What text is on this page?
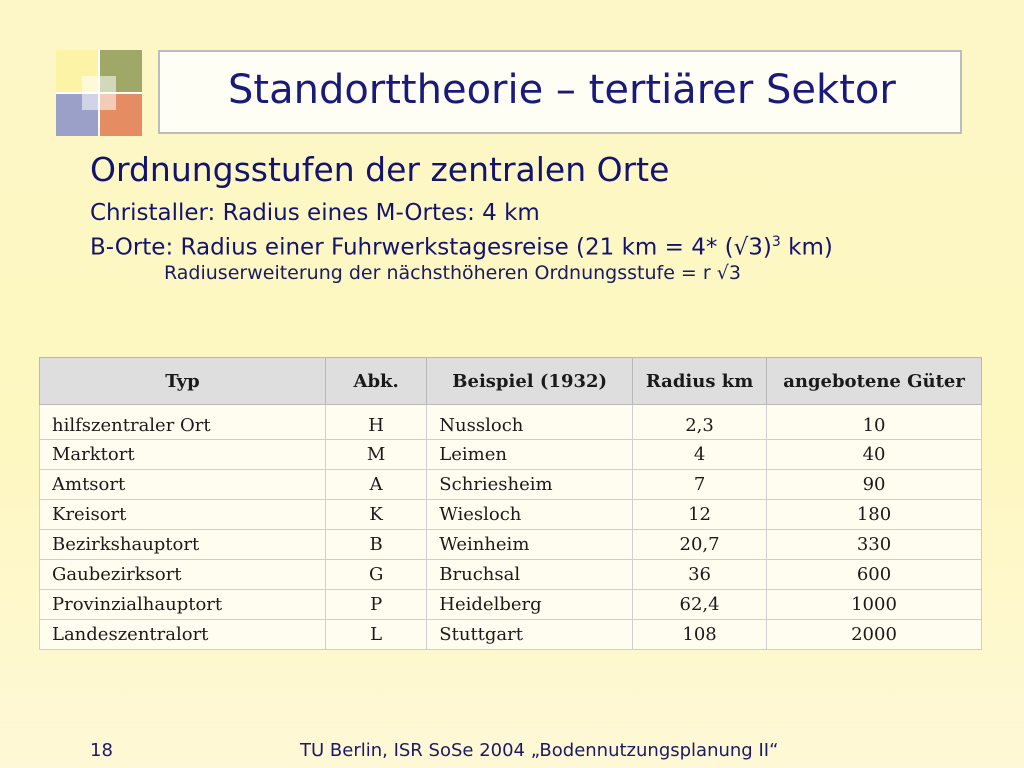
Standorttheorie – tertiärer Sektor
Ordnungsstufen der zentralen Orte
Christaller: Radius eines M-Ortes: 4 km
B-Orte: Radius einer Fuhrwerkstagesreise (21 km = 4* $(√3)^3$ km)
Radiuserweiterung der nächsthöheren Ordnungsstufe = r √3
Typ	Abk.	Beispiel (1932)	Radius km	angebotene Güter
hilfszentraler Ort	H	Nussloch	2,3	10
Marktort	M	Leimen	4	40
Amtsort	A	Schriesheim	7	90
Kreisort	K	Wiesloch	12	180
Bezirkshauptort	B	Weinheim	20,7	330
Gaubezirksort	G	Bruchsal	36	600
Provinzialhauptort	P	Heidelberg	62,4	1000
Landeszentralort	L	Stuttgart	108	2000
18	TU Berlin, ISR SoSe 2004 „Bodennutzungsplanung II“
